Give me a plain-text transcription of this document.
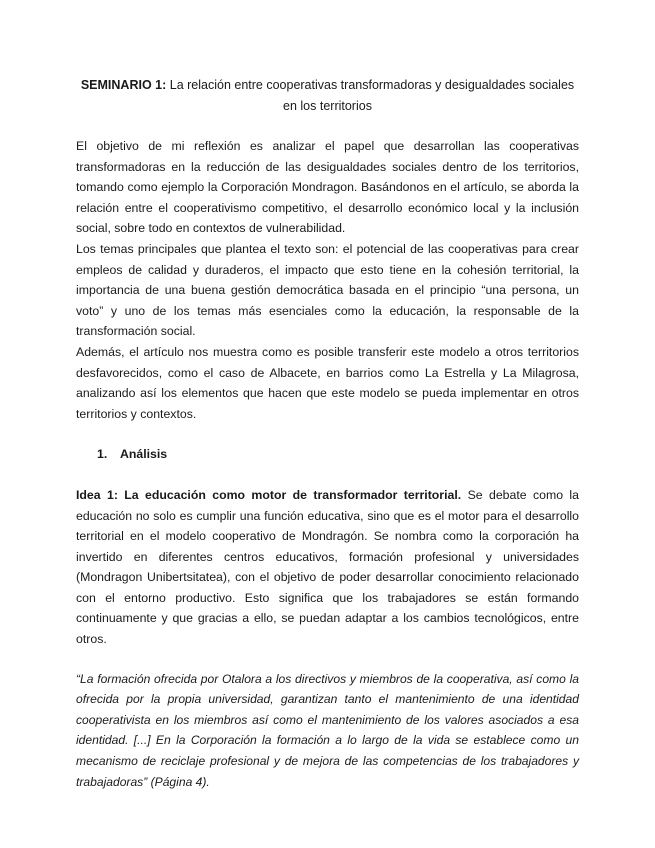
SEMINARIO 1: La relación entre cooperativas transformadoras y desigualdades sociales en los territorios

El objetivo de mi reflexión es analizar el papel que desarrollan las cooperativas transformadoras en la reducción de las desigualdades sociales dentro de los territorios, tomando como ejemplo la Corporación Mondragon. Basándonos en el artículo, se aborda la relación entre el cooperativismo competitivo, el desarrollo económico local y la inclusión social, sobre todo en contextos de vulnerabilidad.

Los temas principales que plantea el texto son: el potencial de las cooperativas para crear empleos de calidad y duraderos, el impacto que esto tiene en la cohesión territorial, la importancia de una buena gestión democrática basada en el principio “una persona, un voto” y uno de los temas más esenciales como la educación, la responsable de la transformación social.

Además, el artículo nos muestra como es posible transferir este modelo a otros territorios desfavorecidos, como el caso de Albacete, en barrios como La Estrella y La Milagrosa, analizando así los elementos que hacen que este modelo se pueda implementar en otros territorios y contextos.

1. Análisis

Idea 1: La educación como motor de transformador territorial. Se debate como la educación no solo es cumplir una función educativa, sino que es el motor para el desarrollo territorial en el modelo cooperativo de Mondragón. Se nombra como la corporación ha invertido en diferentes centros educativos, formación profesional y universidades (Mondragon Unibertsitatea), con el objetivo de poder desarrollar conocimiento relacionado con el entorno productivo. Esto significa que los trabajadores se están formando continuamente y que gracias a ello, se puedan adaptar a los cambios tecnológicos, entre otros.

“La formación ofrecida por Otalora a los directivos y miembros de la cooperativa, así como la ofrecida por la propia universidad, garantizan tanto el mantenimiento de una identidad cooperativista en los miembros así como el mantenimiento de los valores asociados a esa identidad. [...] En la Corporación la formación a lo largo de la vida se establece como un mecanismo de reciclaje profesional y de mejora de las competencias de los trabajadores y trabajadoras” (Página 4).
